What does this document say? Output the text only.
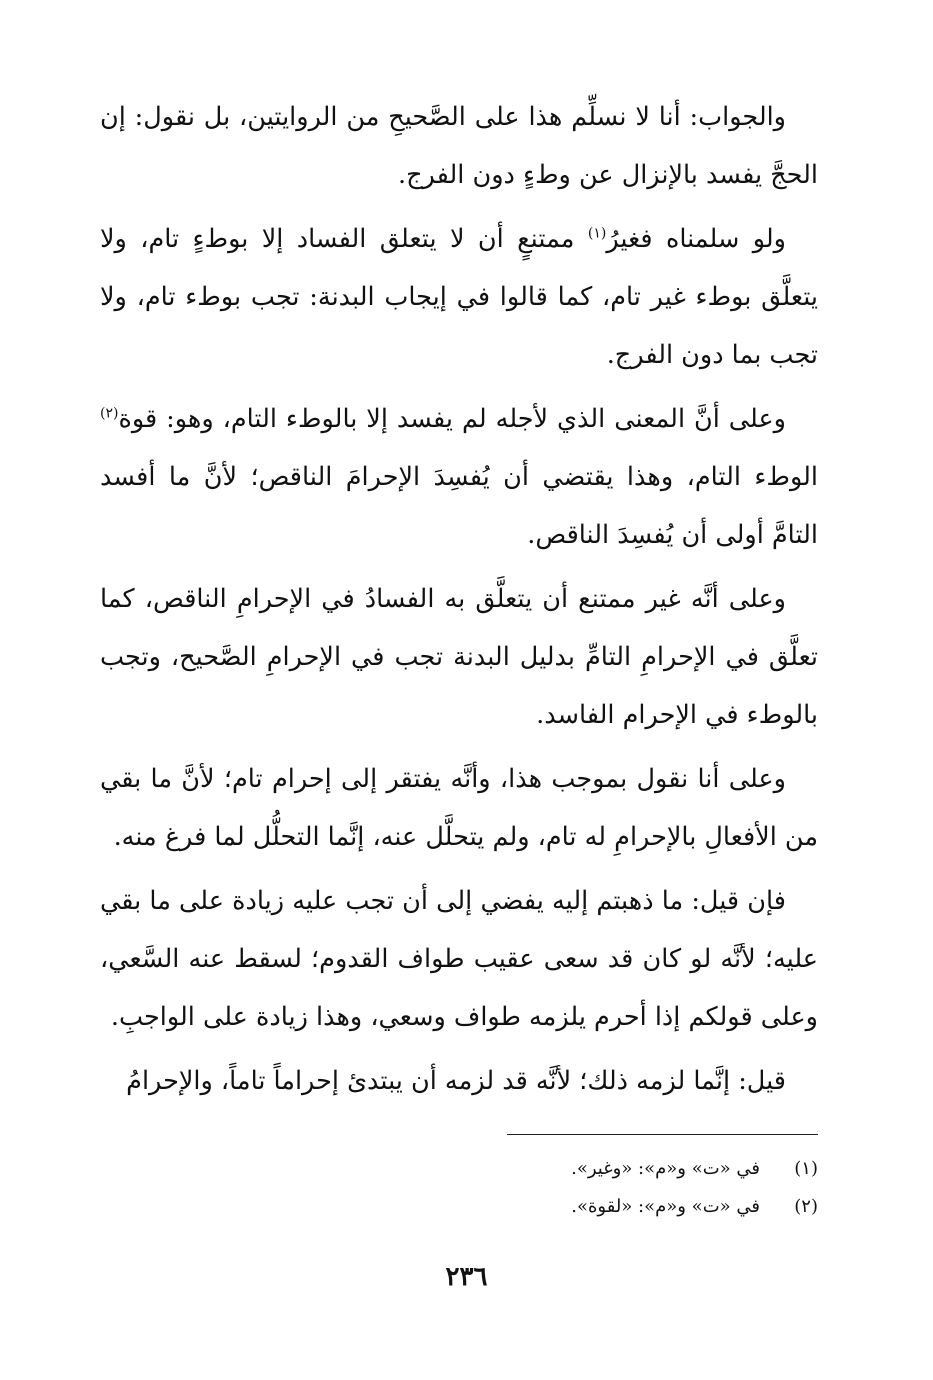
والجواب: أنا لا نسلِّم هذا على الصَّحيحِ من الروايتين، بل نقول: إن الحجَّ يفسد بالإنزال عن وطءٍ دون الفرج.

ولو سلمناه فغيرُ$^{(١)}$ ممتنعٍ أن لا يتعلق الفساد إلا بوطءٍ تام، ولا يتعلَّق بوطء غير تام، كما قالوا في إيجاب البدنة: تجب بوطء تام، ولا تجب بما دون الفرج.

وعلى أنَّ المعنى الذي لأجله لم يفسد إلا بالوطء التام، وهو: قوة$^{(٢)}$ الوطء التام، وهذا يقتضي أن يُفسِدَ الإحرامَ الناقص؛ لأنَّ ما أفسد التامَّ أولى أن يُفسِدَ الناقص.

وعلى أنَّه غير ممتنع أن يتعلَّق به الفسادُ في الإحرامِ الناقص، كما تعلَّق في الإحرامِ التامِّ بدليل البدنة تجب في الإحرامِ الصَّحيح، وتجب بالوطء في الإحرام الفاسد.

وعلى أنا نقول بموجب هذا، وأنَّه يفتقر إلى إحرام تام؛ لأنَّ ما بقي من الأفعالِ بالإحرامِ له تام، ولم يتحلَّل عنه، إنَّما التحلُّل لما فرغ منه.

فإن قيل: ما ذهبتم إليه يفضي إلى أن تجب عليه زيادة على ما بقي عليه؛ لأنَّه لو كان قد سعى عقيب طواف القدوم؛ لسقط عنه السَّعي، وعلى قولكم إذا أحرم يلزمه طواف وسعي، وهذا زيادة على الواجبِ.

قيل: إنَّما لزمه ذلك؛ لأنَّه قد لزمه أن يبتدئ إحراماً تاماً، والإحرامُ

(١)في «ت» و«م»: «وغير».

(٢)في «ت» و«م»: «لقوة».

٢٣٦
